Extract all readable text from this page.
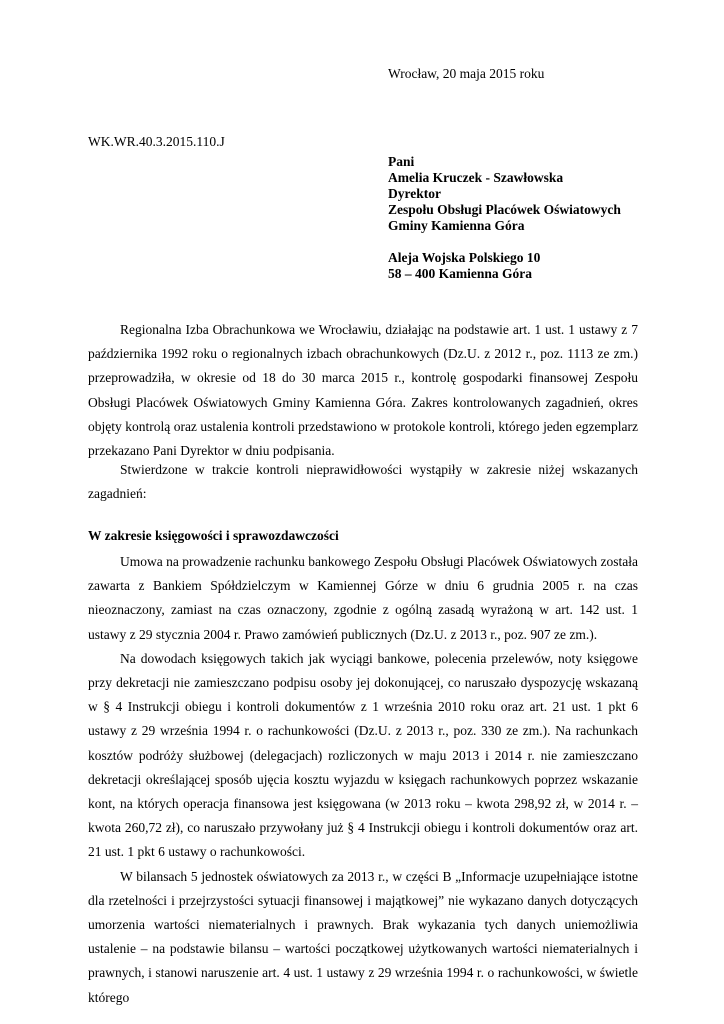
Wrocław, 20 maja 2015 roku
WK.WR.40.3.2015.110.J
Pani
Amelia Kruczek - Szawłowska
Dyrektor
Zespołu Obsługi Placówek Oświatowych
Gminy Kamienna Góra
Aleja Wojska Polskiego 10
58 – 400 Kamienna Góra

Regionalna Izba Obrachunkowa we Wrocławiu, działając na podstawie art. 1 ust. 1 ustawy z 7 października 1992 roku o regionalnych izbach obrachunkowych (Dz.U. z 2012 r., poz. 1113 ze zm.) przeprowadziła, w okresie od 18 do 30 marca 2015 r., kontrolę gospodarki finansowej Zespołu Obsługi Placówek Oświatowych Gminy Kamienna Góra. Zakres kontrolowanych zagadnień, okres objęty kontrolą oraz ustalenia kontroli przedstawiono w protokole kontroli, którego jeden egzemplarz przekazano Pani Dyrektor w dniu podpisania.

Stwierdzone w trakcie kontroli nieprawidłowości wystąpiły w zakresie niżej wskazanych zagadnień:

W zakresie księgowości i sprawozdawczości

Umowa na prowadzenie rachunku bankowego Zespołu Obsługi Placówek Oświatowych została zawarta z Bankiem Spółdzielczym w Kamiennej Górze w dniu 6 grudnia 2005 r. na czas nieoznaczony, zamiast na czas oznaczony, zgodnie z ogólną zasadą wyrażoną w art. 142 ust. 1 ustawy z 29 stycznia 2004 r. Prawo zamówień publicznych (Dz.U. z 2013 r., poz. 907 ze zm.).

Na dowodach księgowych takich jak wyciągi bankowe, polecenia przelewów, noty księgowe przy dekretacji nie zamieszczano podpisu osoby jej dokonującej, co naruszało dyspozycję wskazaną w § 4 Instrukcji obiegu i kontroli dokumentów z 1 września 2010 roku oraz art. 21 ust. 1 pkt 6 ustawy z 29 września 1994 r. o rachunkowości (Dz.U. z 2013 r., poz. 330 ze zm.). Na rachunkach kosztów podróży służbowej (delegacjach) rozliczonych w maju 2013 i 2014 r. nie zamieszczano dekretacji określającej sposób ujęcia kosztu wyjazdu w księgach rachunkowych poprzez wskazanie kont, na których operacja finansowa jest księgowana (w 2013 roku – kwota 298,92 zł, w 2014 r. – kwota 260,72 zł), co naruszało przywołany już § 4 Instrukcji obiegu i kontroli dokumentów oraz art. 21 ust. 1 pkt 6 ustawy o rachunkowości.

W bilansach 5 jednostek oświatowych za 2013 r., w części B „Informacje uzupełniające istotne dla rzetelności i przejrzystości sytuacji finansowej i majątkowej” nie wykazano danych dotyczących umorzenia wartości niematerialnych i prawnych. Brak wykazania tych danych uniemożliwia ustalenie – na podstawie bilansu – wartości początkowej użytkowanych wartości niematerialnych i prawnych, i stanowi naruszenie art. 4 ust. 1 ustawy z 29 września 1994 r. o rachunkowości, w świetle którego
